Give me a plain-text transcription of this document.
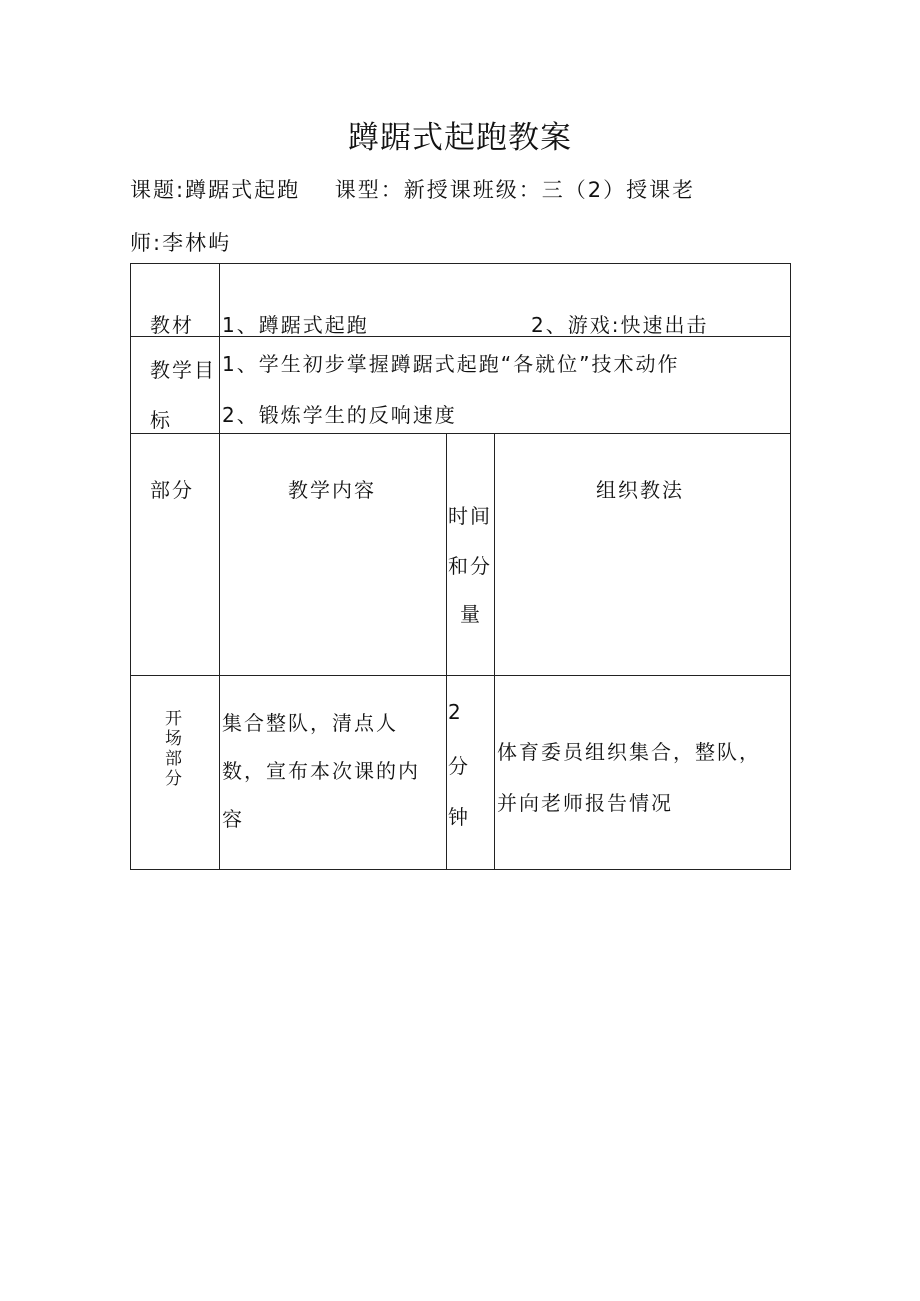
蹲踞式起跑教案
课题:蹲踞式起跑    课型：新授课班级：三（2）授课老
师:李林屿
教材 1、蹲踞式起跑	2、游戏:快速出击
教学目
标
1、学生初步掌握蹲踞式起跑“各就位”技术动作
2、锻炼学生的反响速度
部分	教学内容
时间
和分
量
组织教法
开
场
部
分
集合整队，清点人
数，宣布本次课的内
容
2
分
钟
体育委员组织集合，整队，
并向老师报告情况
